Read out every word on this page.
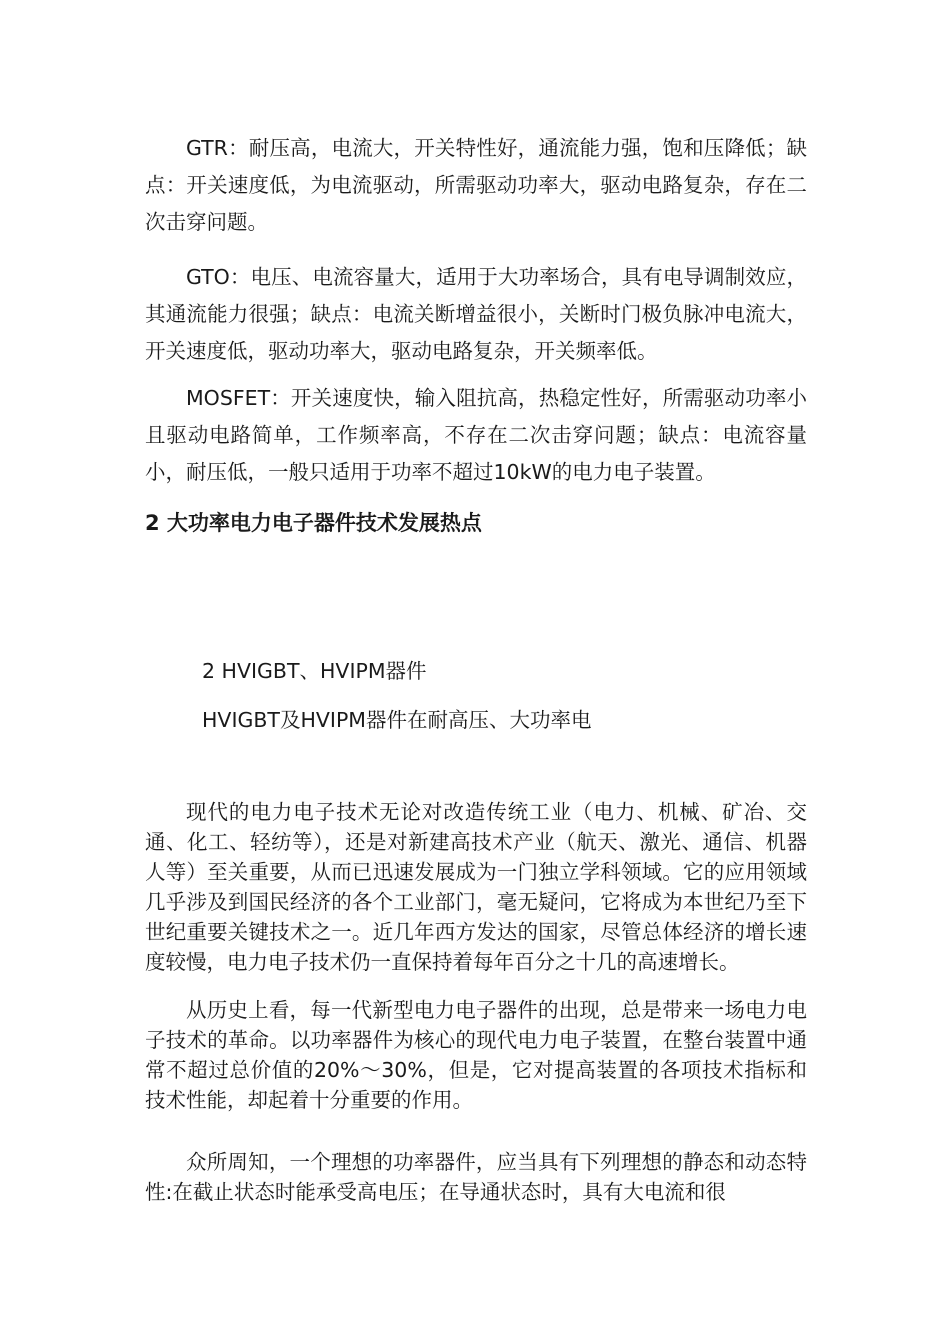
GTR：耐压高，电流大，开关特性好，通流能力强，饱和压降低；缺点：开关速度低，为电流驱动，所需驱动功率大，驱动电路复杂，存在二次击穿问题。

GTO：电压、电流容量大，适用于大功率场合，具有电导调制效应，其通流能力很强；缺点：电流关断增益很小，关断时门极负脉冲电流大，开关速度低，驱动功率大，驱动电路复杂，开关频率低。

MOSFET：开关速度快，输入阻抗高，热稳定性好，所需驱动功率小且驱动电路简单，工作频率高，不存在二次击穿问题；缺点：电流容量小，耐压低，一般只适用于功率不超过10kW的电力电子装置。

2 大功率电力电子器件技术发展热点

2 HVIGBT、HVIPM器件

HVIGBT及HVIPM器件在耐高压、大功率电

现代的电力电子技术无论对改造传统工业（电力、机械、矿冶、交通、化工、轻纺等），还是对新建高技术产业（航天、激光、通信、机器人等）至关重要，从而已迅速发展成为一门独立学科领域。它的应用领域几乎涉及到国民经济的各个工业部门，毫无疑问，它将成为本世纪乃至下世纪重要关键技术之一。近几年西方发达的国家，尽管总体经济的增长速度较慢，电力电子技术仍一直保持着每年百分之十几的高速增长。

从历史上看，每一代新型电力电子器件的出现，总是带来一场电力电子技术的革命。以功率器件为核心的现代电力电子装置，在整台装置中通常不超过总价值的20%～30%，但是，它对提高装置的各项技术指标和技术性能，却起着十分重要的作用。

众所周知，一个理想的功率器件，应当具有下列理想的静态和动态特性:在截止状态时能承受高电压；在导通状态时，具有大电流和很
